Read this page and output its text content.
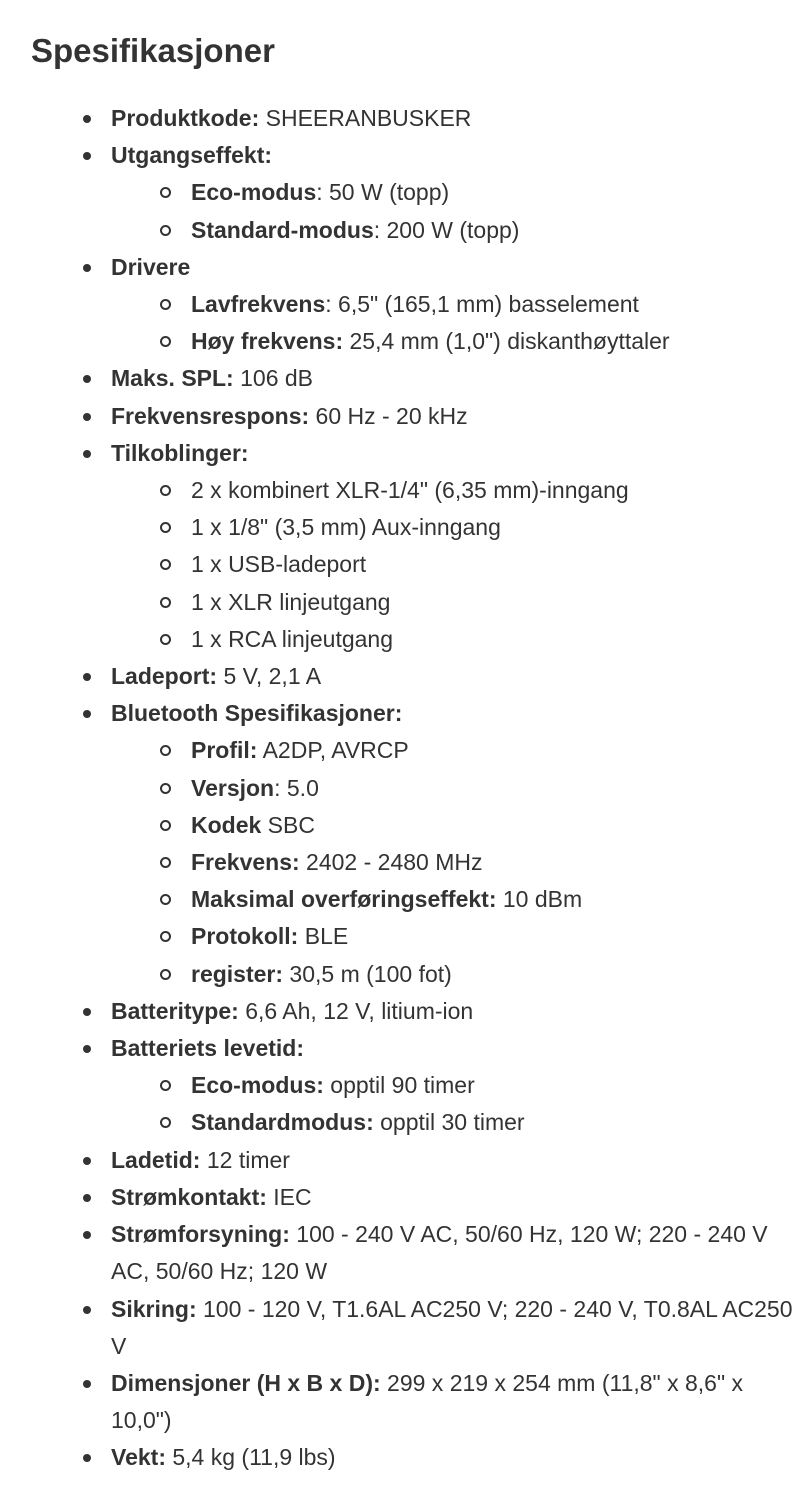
Spesifikasjoner
Produktkode: SHEERANBUSKER
Utgangseffekt:
Eco-modus: 50 W (topp)
Standard-modus: 200 W (topp)
Drivere
Lavfrekvens: 6,5" (165,1 mm) basselement
Høy frekvens: 25,4 mm (1,0") diskanthøyttaler
Maks. SPL: 106 dB
Frekvensrespons: 60 Hz - 20 kHz
Tilkoblinger:
2 x kombinert XLR-1/4" (6,35 mm)-inngang
1 x 1/8" (3,5 mm) Aux-inngang
1 x USB-ladeport
1 x XLR linjeutgang
1 x RCA linjeutgang
Ladeport: 5 V, 2,1 A
Bluetooth Spesifikasjoner:
Profil: A2DP, AVRCP
Versjon: 5.0
Kodek SBC
Frekvens: 2402 - 2480 MHz
Maksimal overføringseffekt: 10 dBm
Protokoll: BLE
register: 30,5 m (100 fot)
Batteritype: 6,6 Ah, 12 V, litium-ion
Batteriets levetid:
Eco-modus: opptil 90 timer
Standardmodus: opptil 30 timer
Ladetid: 12 timer
Strømkontakt: IEC
Strømforsyning: 100 - 240 V AC, 50/60 Hz, 120 W; 220 - 240 V AC, 50/60 Hz; 120 W
Sikring: 100 - 120 V, T1.6AL AC250 V; 220 - 240 V, T0.8AL AC250 V
Dimensjoner (H x B x D): 299 x 219 x 254 mm (11,8" x 8,6" x 10,0")
Vekt: 5,4 kg (11,9 lbs)
